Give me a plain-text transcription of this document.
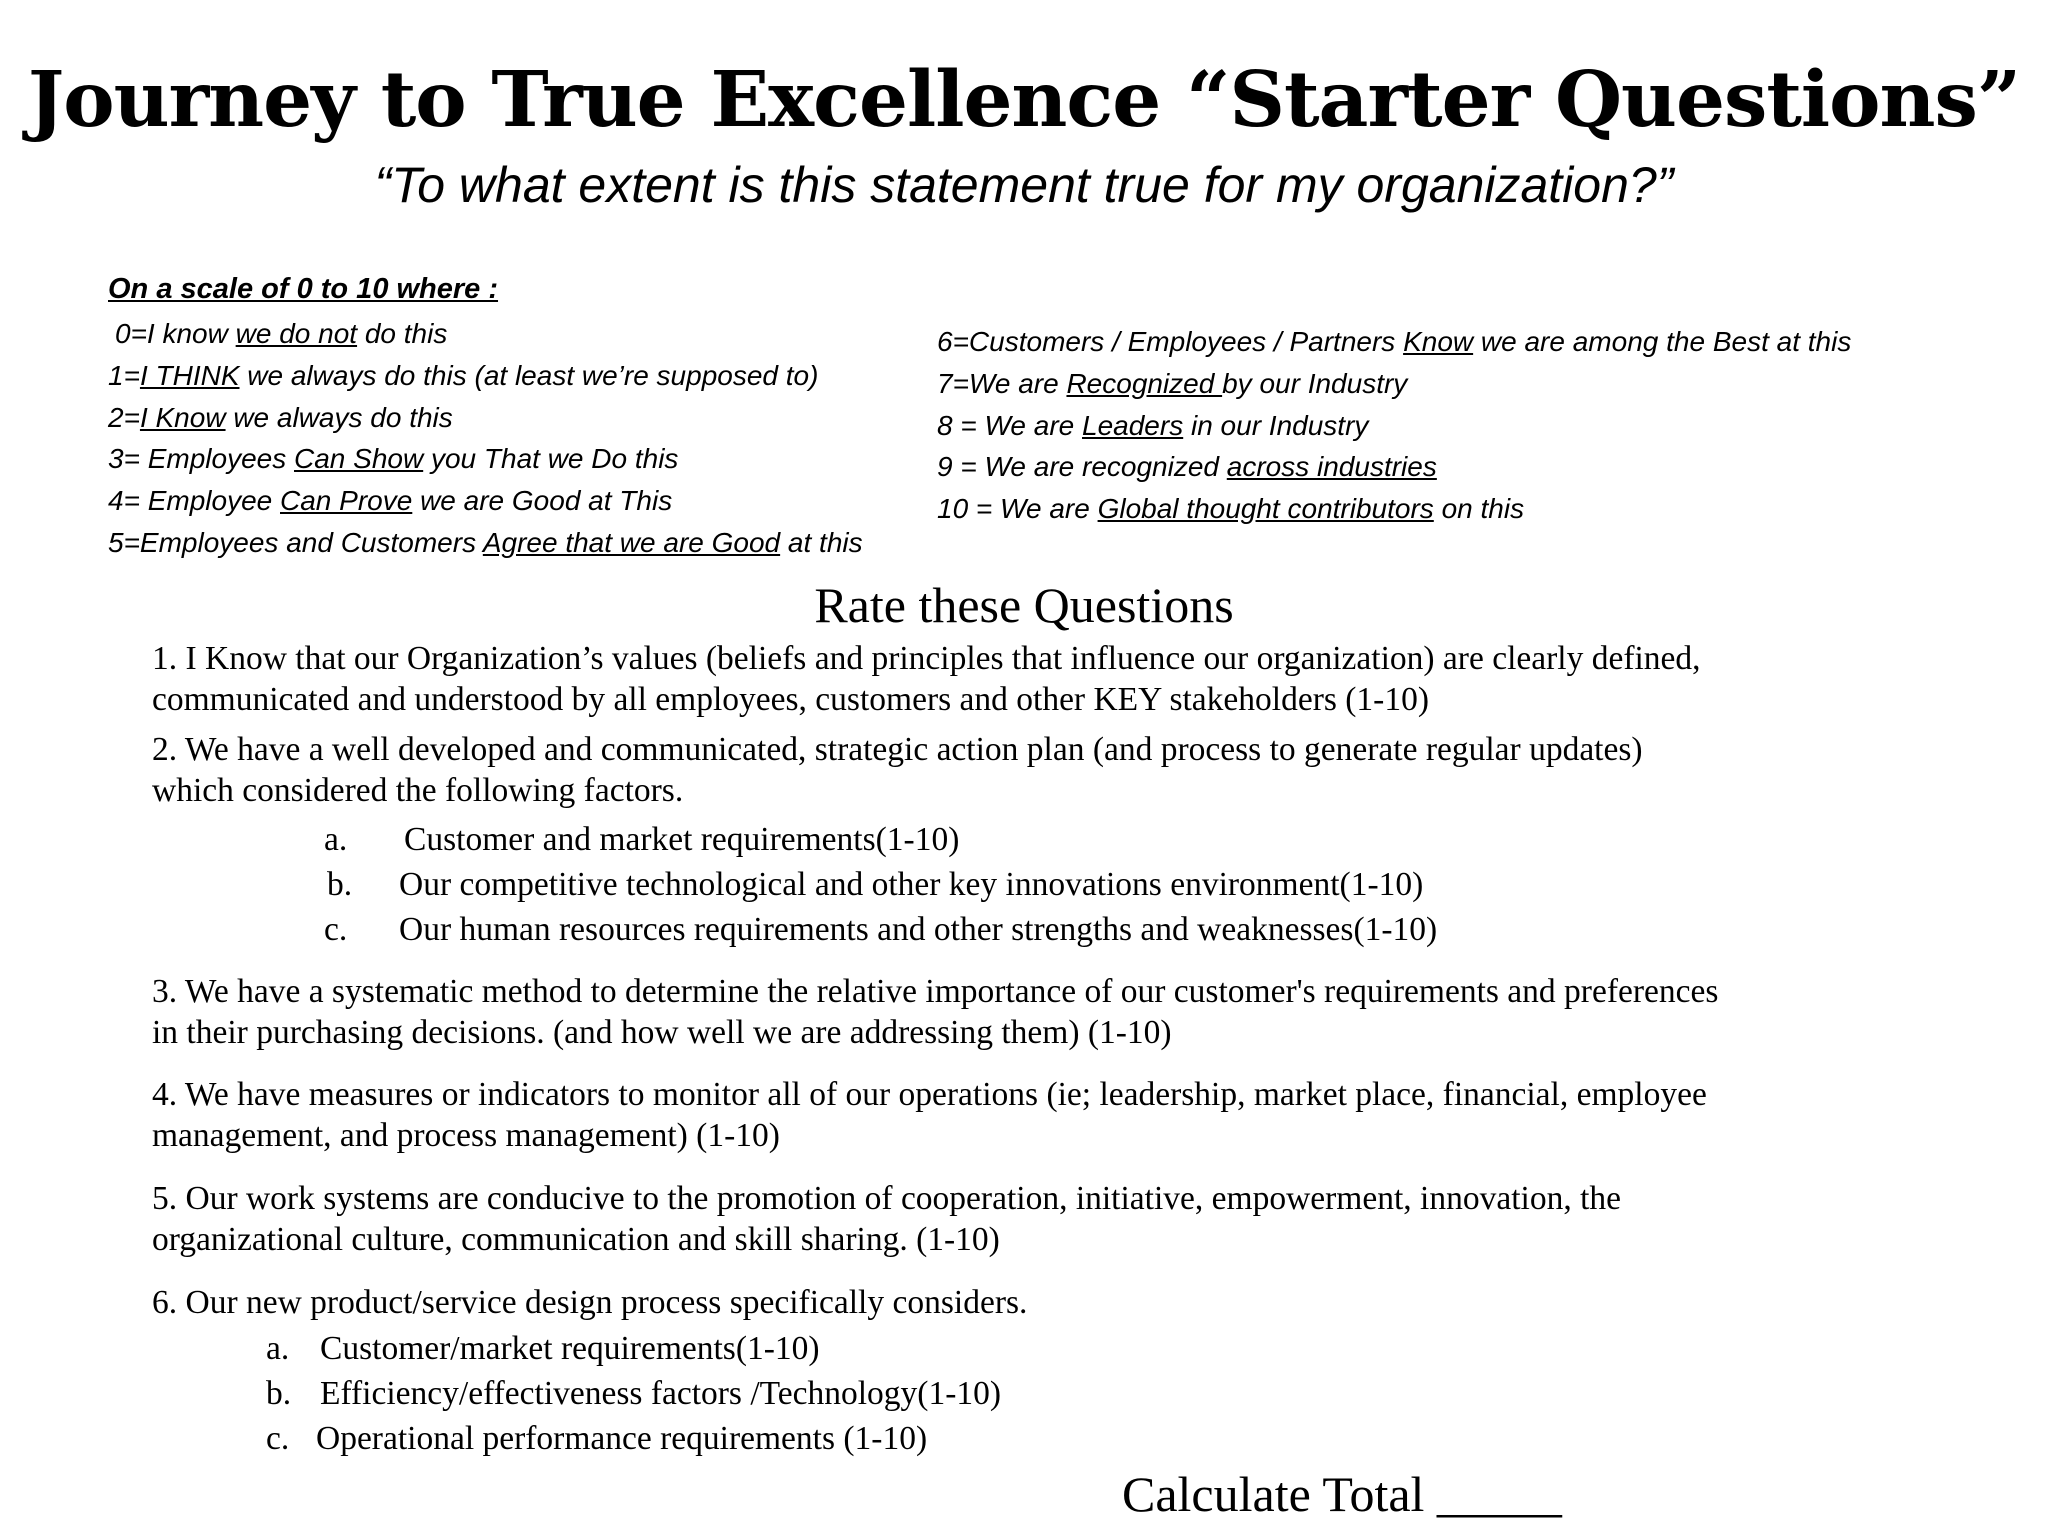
Journey to True Excellence “Starter Questions”
“To what extent is this statement true for my organization?”
On a scale of 0 to 10 where :
0=I know we do not do this
1=I THINK we always do this (at least we’re supposed to)
2=I Know we always do this
3= Employees Can Show you That we Do this
4= Employee Can Prove we are Good at This
5=Employees and Customers Agree that we are Good at this
6=Customers / Employees / Partners Know we are among the Best at this
7=We are Recognized by our Industry
8 = We are Leaders in our Industry
9 = We are recognized across industries
10 = We are Global thought contributors on this
Rate these Questions
1. I Know that our Organization’s values (beliefs and principles that influence our organization) are clearly defined,
communicated and understood by all employees, customers and other KEY stakeholders (1-10)
2. We have a well developed and communicated, strategic action plan (and process to generate regular updates)
which considered the following factors.
a. Customer and market requirements(1-10)
b. Our competitive technological and other key innovations environment(1-10)
c. Our human resources requirements and other strengths and weaknesses(1-10)
3. We have a systematic method to determine the relative importance of our customer's requirements and preferences
in their purchasing decisions. (and how well we are addressing them) (1-10)
4. We have measures or indicators to monitor all of our operations (ie; leadership, market place, financial, employee
management, and process management) (1-10)
5. Our work systems are conducive to the promotion of cooperation, initiative, empowerment, innovation, the
organizational culture, communication and skill sharing. (1-10)
6. Our new product/service design process specifically considers.
a. Customer/market requirements(1-10)
b. Efficiency/effectiveness factors /Technology(1-10)
c. Operational performance requirements (1-10)
Calculate Total _____
